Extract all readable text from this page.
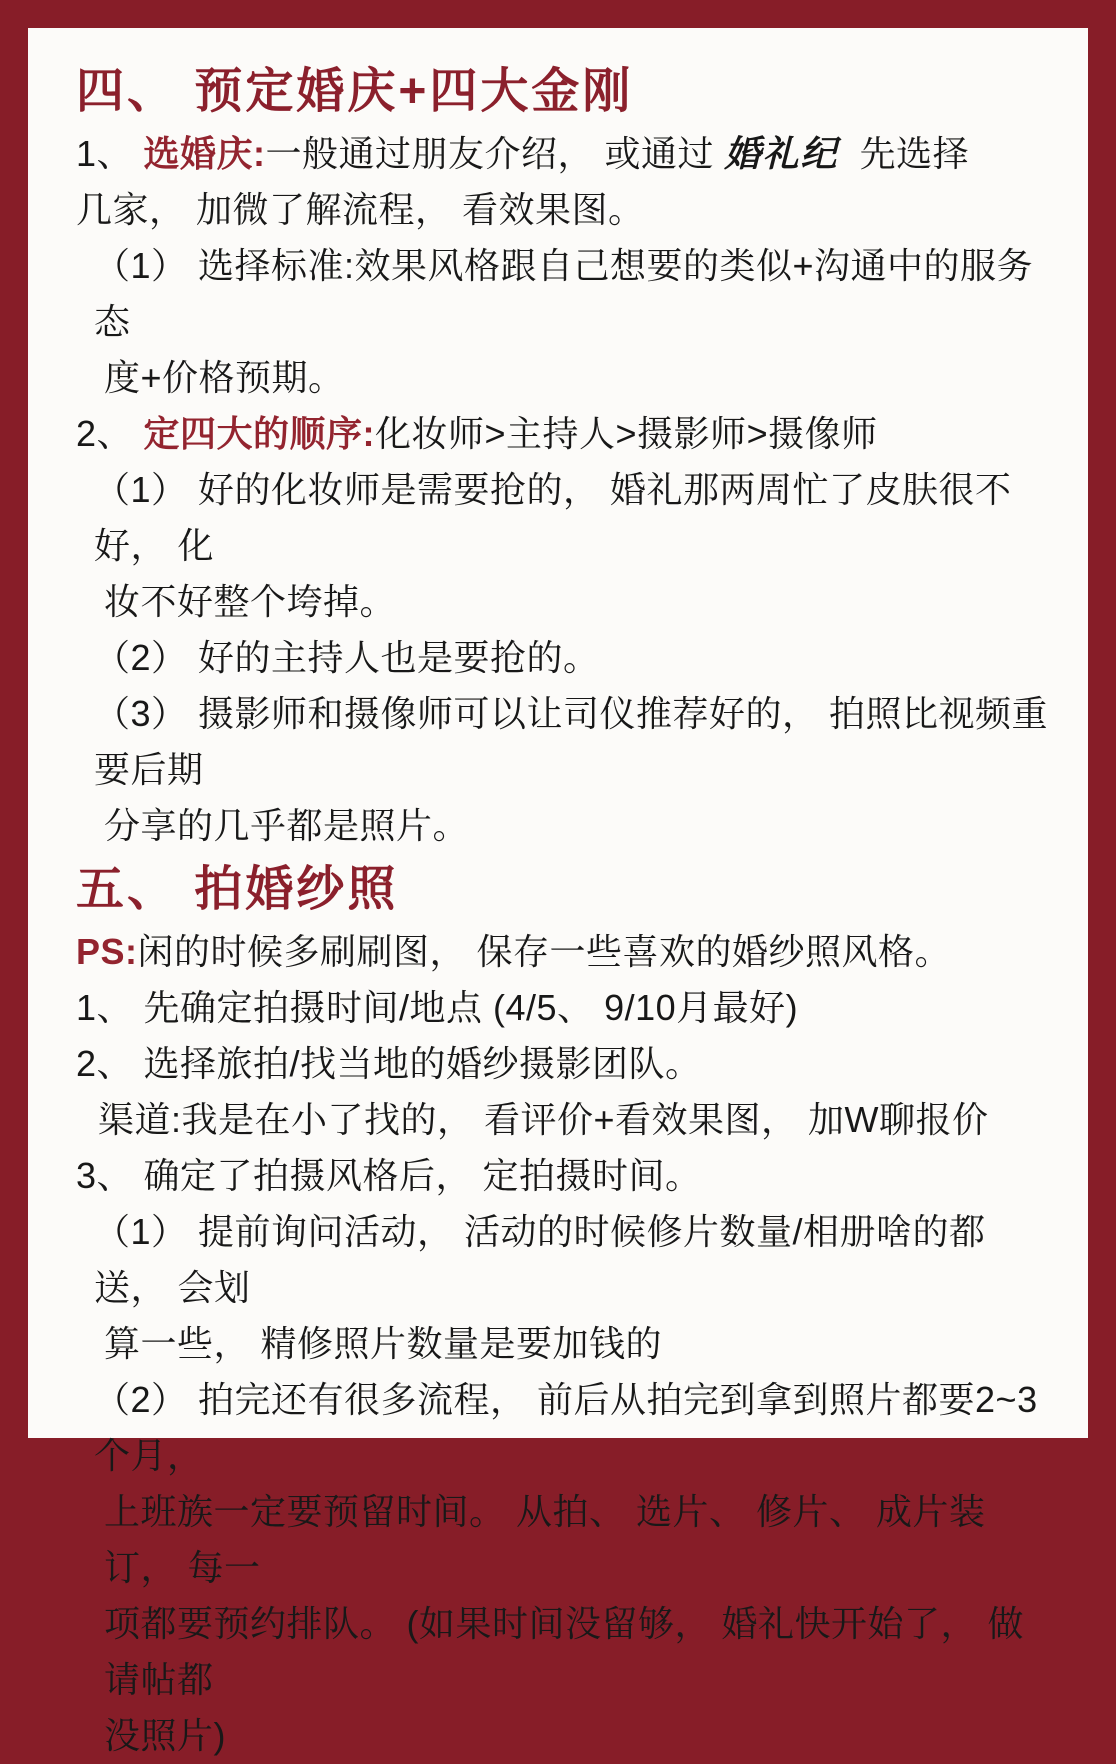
四、 预定婚庆+四大金刚

1、 选婚庆:一般通过朋友介绍， 或通过 婚礼纪  先选择

几家， 加微了解流程， 看效果图。

（1） 选择标准:效果风格跟自己想要的类似+沟通中的服务态

度+价格预期。

2、 定四大的顺序:化妆师>主持人>摄影师>摄像师

（1） 好的化妆师是需要抢的， 婚礼那两周忙了皮肤很不好， 化

妆不好整个垮掉。

（2） 好的主持人也是要抢的。

（3） 摄影师和摄像师可以让司仪推荐好的， 拍照比视频重要后期

分享的几乎都是照片。

五、 拍婚纱照

PS:闲的时候多刷刷图， 保存一些喜欢的婚纱照风格。

1、 先确定拍摄时间/地点 (4/5、 9/10月最好)

2、 选择旅拍/找当地的婚纱摄影团队。

渠道:我是在小了找的， 看评价+看效果图， 加W聊报价

3、 确定了拍摄风格后， 定拍摄时间。

（1） 提前询问活动， 活动的时候修片数量/相册啥的都送， 会划

算一些， 精修照片数量是要加钱的

（2） 拍完还有很多流程， 前后从拍完到拿到照片都要2~3个月，

上班族一定要预留时间。 从拍、 选片、 修片、 成片装订， 每一

项都要预约排队。 (如果时间没留够， 婚礼快开始了， 做请帖都

没照片)
